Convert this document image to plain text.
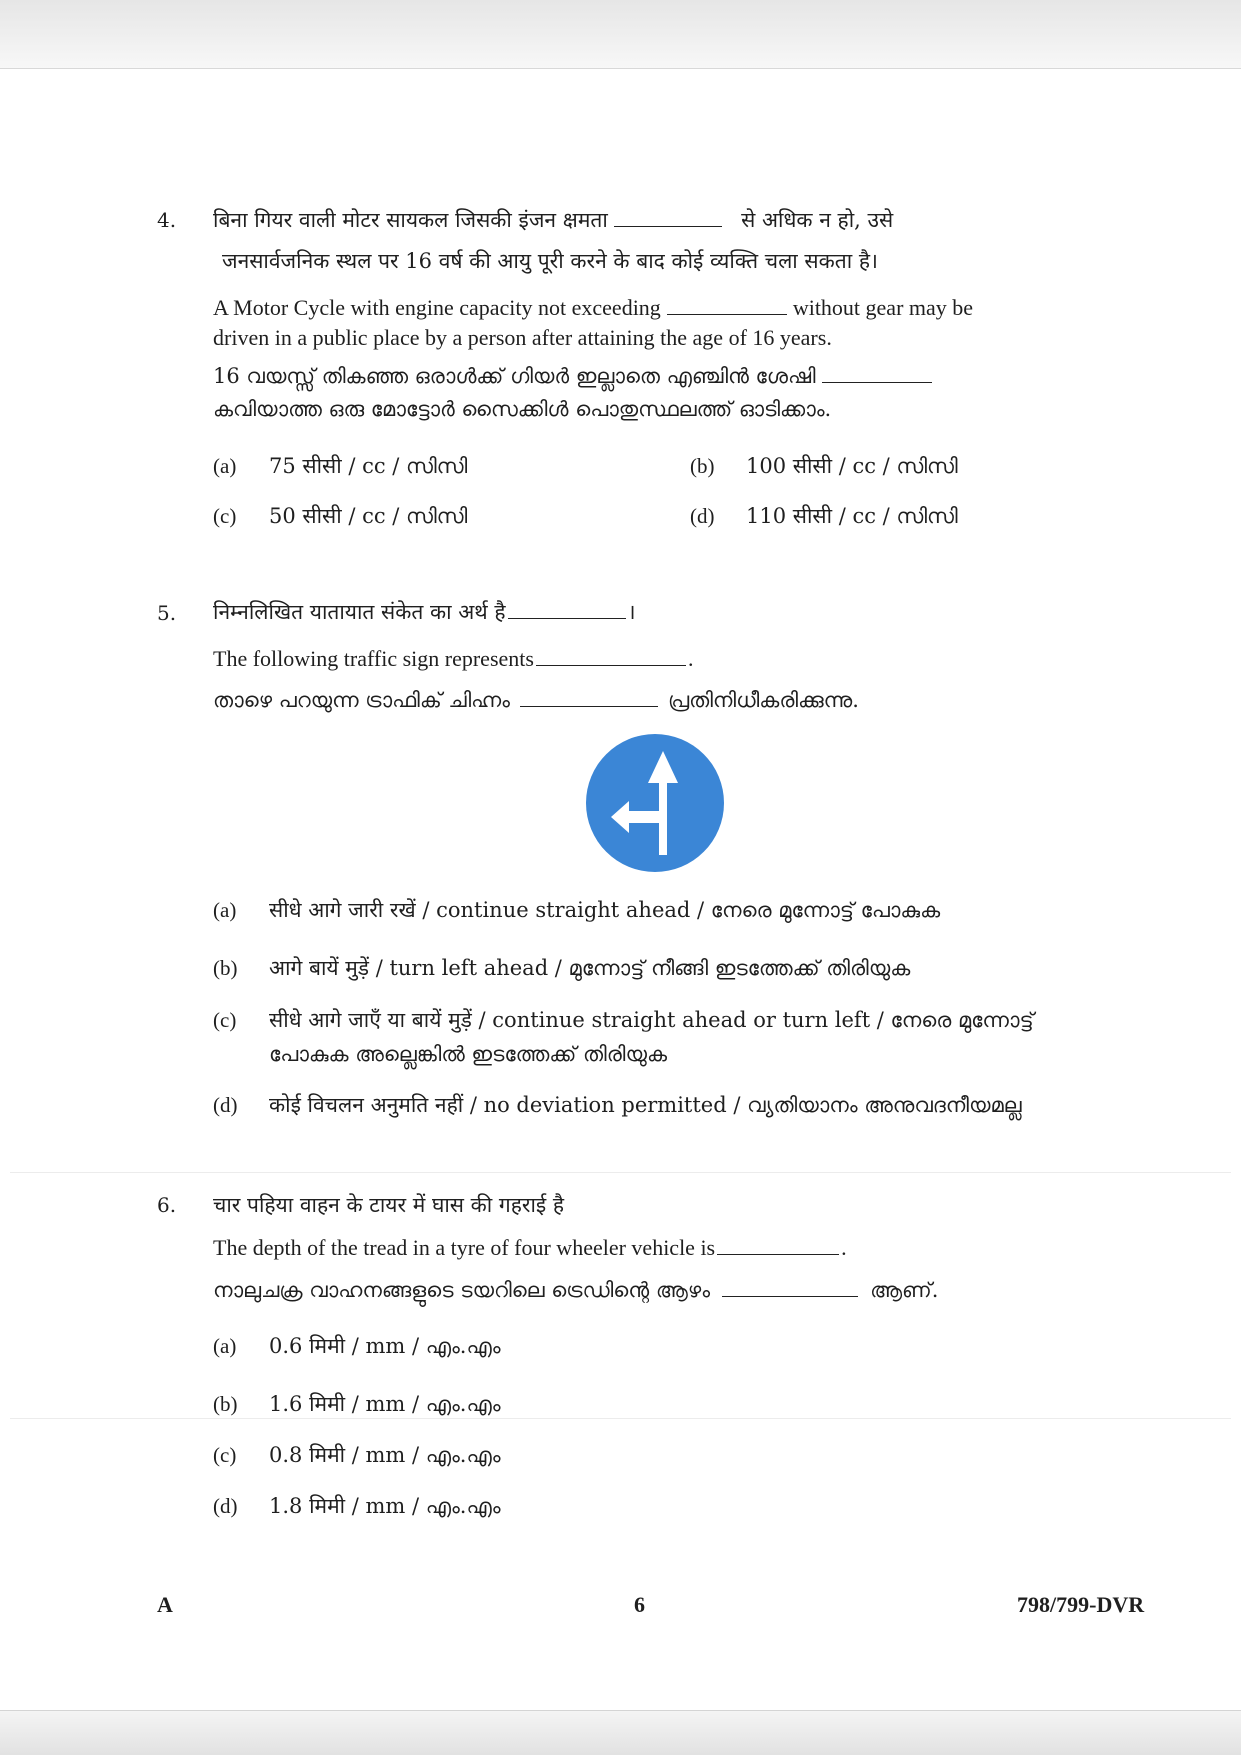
4. बिना गियर वाली मोटर सायकल जिसकी इंजन क्षमता	से अधिक न हो, उसे
जनसार्वजनिक स्थल पर 16 वर्ष की आयु पूरी करने के बाद कोई व्यक्ति चला सकता है।
A Motor Cycle with engine capacity not exceeding	without gear may be
driven in a public place by a person after attaining the age of 16 years.
16 വയസ്സ് തികഞ്ഞ ഒരാൾക്ക് ഗിയർ ഇല്ലാതെ എഞ്ചിൻ ശേഷി
കവിയാത്ത ഒരു മോട്ടോർ സൈക്കിൾ പൊതുസ്ഥലത്ത് ഓടിക്കാം.
(a) 75 सीसी / cc / സിസി	(b) 100 सीसी / cc / സിസി
(c) 50 सीसी / cc / സിസി	(d) 110 सीसी / cc / സിസി
5. निम्नलिखित यातायात संकेत का अर्थ है	।
The following traffic sign represents	.
താഴെ പറയുന്ന ട്രാഫിക് ചിഹ്നം	പ്രതിനിധീകരിക്കുന്നു.
(a) सीधे आगे जारी रखें / continue straight ahead / നേരെ മുന്നോട്ട് പോകുക
(b) आगे बायें मुड़ें / turn left ahead / മുന്നോട്ട് നീങ്ങി ഇടത്തേക്ക് തിരിയുക
(c) सीधे आगे जाएँ या बायें मुड़ें / continue straight ahead or turn left / നേരെ മുന്നോട്ട്
പോകുക അല്ലെങ്കിൽ ഇടത്തേക്ക് തിരിയുക
(d) कोई विचलन अनुमति नहीं / no deviation permitted / വ്യതിയാനം അനുവദനീയമല്ല
6. चार पहिया वाहन के टायर में घास की गहराई है
The depth of the tread in a tyre of four wheeler vehicle is	.
നാലുചക്ര വാഹനങ്ങളുടെ ടയറിലെ ട്രെഡിന്റെ ആഴം	ആണ്.
(a) 0.6 मिमी / mm / എം.എം
(b) 1.6 मिमी / mm / എം.എം
(c) 0.8 मिमी / mm / എം.എം
(d) 1.8 मिमी / mm / എം.എം
A	6	798/799-DVR
